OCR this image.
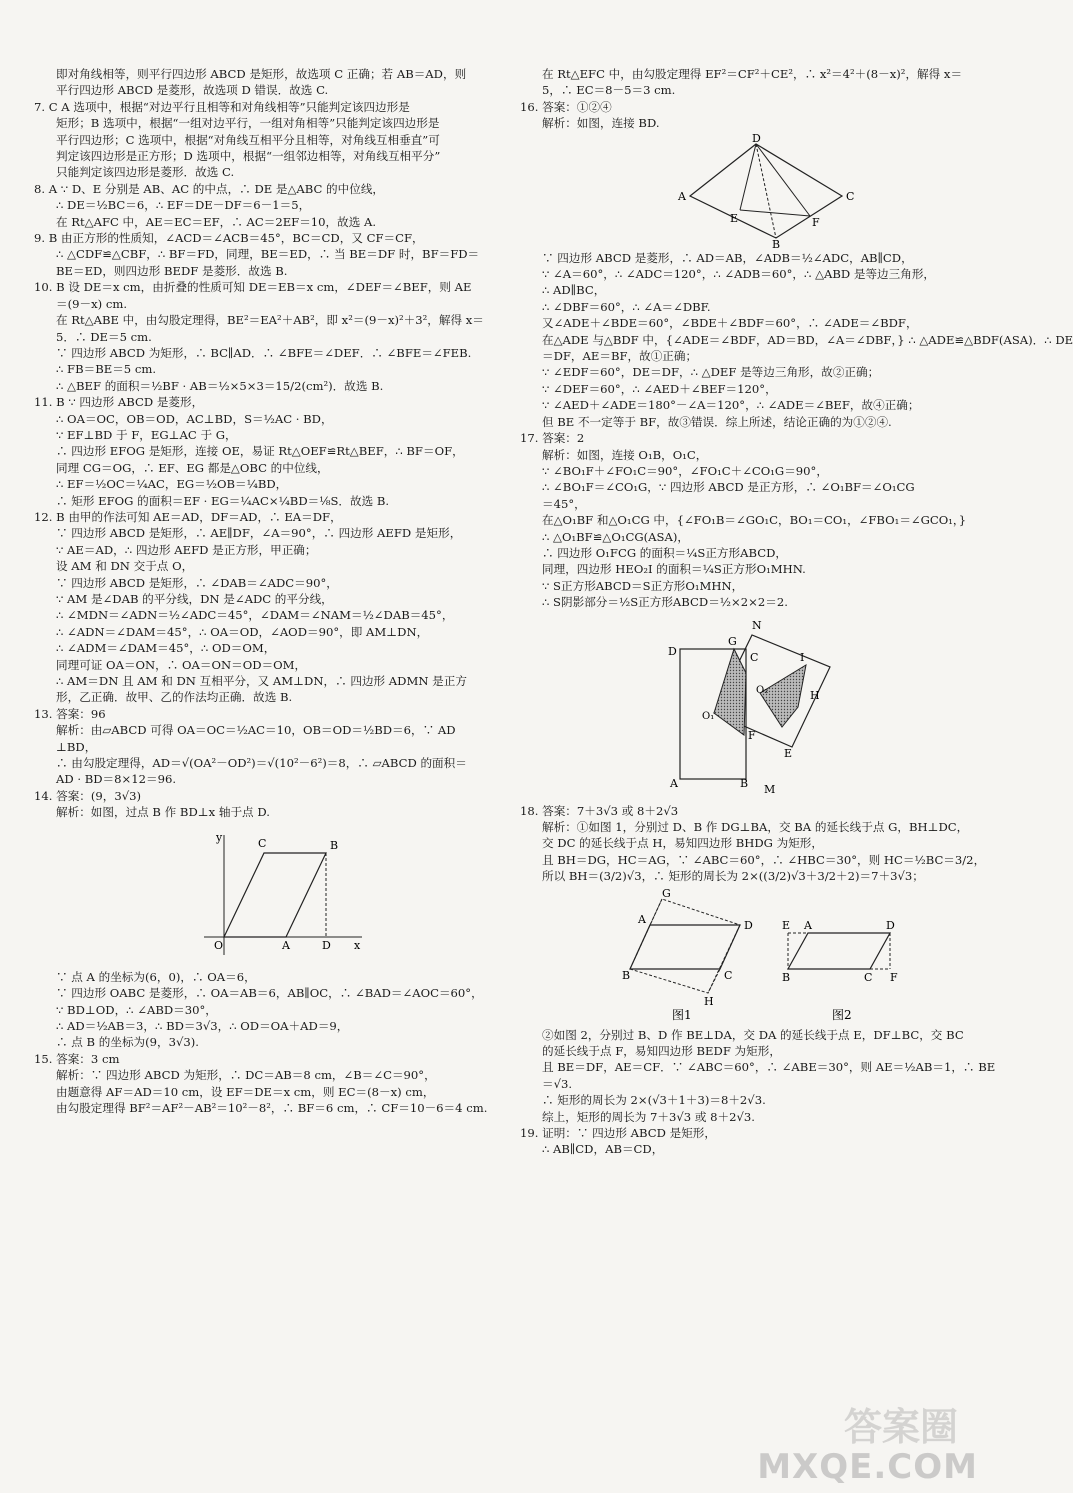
即对角线相等，则平行四边形 ABCD 是矩形，故选项 C 正确；若 AB＝AD，则
平行四边形 ABCD 是菱形，故选项 D 错误．故选 C.
7. C A 选项中，根据“对边平行且相等和对角线相等”只能判定该四边形是
矩形；B 选项中，根据“一组对边平行，一组对角相等”只能判定该四边形是
平行四边形；C 选项中，根据“对角线互相平分且相等，对角线互相垂直”可
判定该四边形是正方形；D 选项中，根据“一组邻边相等，对角线互相平分”
只能判定该四边形是菱形．故选 C.
8. A ∵ D、E 分别是 AB、AC 的中点，∴ DE 是△ABC 的中位线，
∴ DE＝½BC＝6，∴ EF＝DE－DF＝6－1＝5，
在 Rt△AFC 中，AE＝EC＝EF，∴ AC＝2EF＝10，故选 A.
9. B 由正方形的性质知，∠ACD＝∠ACB＝45°，BC＝CD，又 CF＝CF，
∴ △CDF≌△CBF，∴ BF＝FD，同理，BE＝ED，∴ 当 BE＝DF 时，BF＝FD＝
BE＝ED，则四边形 BEDF 是菱形．故选 B.
10. B 设 DE＝x cm，由折叠的性质可知 DE＝EB＝x cm，∠DEF＝∠BEF，则 AE
＝(9－x) cm.
在 Rt△ABE 中，由勾股定理得，BE²＝EA²＋AB²，即 x²＝(9－x)²＋3²，解得 x＝
5．∴ DE＝5 cm.
∵ 四边形 ABCD 为矩形，∴ BC∥AD．∴ ∠BFE＝∠DEF．∴ ∠BFE＝∠FEB.
∴ FB＝BE＝5 cm.
∴ △BEF 的面积＝½BF · AB＝½×5×3＝15/2(cm²)．故选 B.
11. B ∵ 四边形 ABCD 是菱形，
∴ OA＝OC，OB＝OD，AC⊥BD，S＝½AC · BD，
∵ EF⊥BD 于 F，EG⊥AC 于 G，
∴ 四边形 EFOG 是矩形，连接 OE，易证 Rt△OEF≌Rt△BEF，∴ BF＝OF，
同理 CG＝OG，∴ EF、EG 都是△OBC 的中位线，
∴ EF＝½OC＝¼AC，EG＝½OB＝¼BD，
∴ 矩形 EFOG 的面积＝EF · EG＝¼AC×¼BD＝⅛S．故选 B.
12. B 由甲的作法可知 AE＝AD，DF＝AD，∴ EA＝DF，
∵ 四边形 ABCD 是矩形，∴ AE∥DF，∠A＝90°，∴ 四边形 AEFD 是矩形，
∵ AE＝AD，∴ 四边形 AEFD 是正方形，甲正确；
设 AM 和 DN 交于点 O，
∵ 四边形 ABCD 是矩形，∴ ∠DAB＝∠ADC＝90°，
∵ AM 是∠DAB 的平分线，DN 是∠ADC 的平分线，
∴ ∠MDN＝∠ADN＝½∠ADC＝45°，∠DAM＝∠NAM＝½∠DAB＝45°，
∴ ∠ADN＝∠DAM＝45°，∴ OA＝OD，∠AOD＝90°，即 AM⊥DN，
∴ ∠ADM＝∠DAM＝45°，∴ OD＝OM，
同理可证 OA＝ON，∴ OA＝ON＝OD＝OM，
∴ AM＝DN 且 AM 和 DN 互相平分，又 AM⊥DN，∴ 四边形 ADMN 是正方
形，乙正确．故甲、乙的作法均正确．故选 B.
13. 答案：96
解析：由▱ABCD 可得 OA＝OC＝½AC＝10，OB＝OD＝½BD＝6，∵ AD
⊥BD，
∴ 由勾股定理得，AD＝√(OA²－OD²)＝√(10²－6²)＝8，∴ ▱ABCD 的面积＝
AD · BD＝8×12＝96.
14. 答案：(9，3√3)
解析：如图，过点 B 作 BD⊥x 轴于点 D.
y	C	B
O	A	D x
∵ 点 A 的坐标为(6，0)，∴ OA＝6，
∵ 四边形 OABC 是菱形，∴ OA＝AB＝6，AB∥OC，∴ ∠BAD＝∠AOC＝60°，
∵ BD⊥OD，∴ ∠ABD＝30°，
∴ AD＝½AB＝3，∴ BD＝3√3，∴ OD＝OA＋AD＝9，
∴ 点 B 的坐标为(9，3√3).
15. 答案：3 cm
解析：∵ 四边形 ABCD 为矩形，∴ DC＝AB＝8 cm，∠B＝∠C＝90°，
由题意得 AF＝AD＝10 cm，设 EF＝DE＝x cm，则 EC＝(8－x) cm，
由勾股定理得 BF²＝AF²－AB²＝10²－8²，∴ BF＝6 cm，∴ CF＝10－6＝4 cm.
在 Rt△EFC 中，由勾股定理得 EF²＝CF²＋CE²，∴ x²＝4²＋(8－x)²，解得 x＝
5，∴ EC＝8－5＝3 cm.
16. 答案：①②④
解析：如图，连接 BD.
D
A	C
E	F
B
∵ 四边形 ABCD 是菱形，∴ AD＝AB，∠ADB＝½∠ADC，AB∥CD，
∵ ∠A＝60°，∴ ∠ADC＝120°，∴ ∠ADB＝60°，∴ △ABD 是等边三角形，
∴ AD∥BC，
∴ ∠DBF＝60°，∴ ∠A＝∠DBF.
又∠ADE＋∠BDE＝60°，∠BDE＋∠BDF＝60°，∴ ∠ADE＝∠BDF，
在△ADE 与△BDF 中，{∠ADE＝∠BDF，AD＝BD，∠A＝∠DBF，} ∴ △ADE≌△BDF(ASA)．∴ DE
＝DF，AE＝BF，故①正确；
∵ ∠EDF＝60°，DE＝DF，∴ △DEF 是等边三角形，故②正确；
∵ ∠DEF＝60°，∴ ∠AED＋∠BEF＝120°，
∵ ∠AED＋∠ADE＝180°－∠A＝120°，∴ ∠ADE＝∠BEF，故④正确；
但 BE 不一定等于 BF，故③错误．综上所述，结论正确的为①②④.
17. 答案：2
解析：如图，连接 O₁B，O₁C，
∵ ∠BO₁F＋∠FO₁C＝90°，∠FO₁C＋∠CO₁G＝90°，
∴ ∠BO₁F＝∠CO₁G，∵ 四边形 ABCD 是正方形，∴ ∠O₁BF＝∠O₁CG
＝45°，
在△O₁BF 和△O₁CG 中，{∠FO₁B＝∠GO₁C，BO₁＝CO₁，∠FBO₁＝∠GCO₁，}
∴ △O₁BF≌△O₁CG(ASA)，
∴ 四边形 O₁FCG 的面积＝¼S正方形ABCD，
同理，四边形 HEO₂I 的面积＝¼S正方形O₁MHN.
∵ S正方形ABCD＝S正方形O₁MHN，
∴ S阴影部分＝½S正方形ABCD＝½×2×2＝2.
N
D
G
C
O₂
I
H
O₁
F
E
A	B M
18. 答案：7＋3√3 或 8＋2√3
解析：①如图 1，分别过 D、B 作 DG⊥BA，交 BA 的延长线于点 G，BH⊥DC，
交 DC 的延长线于点 H，易知四边形 BHDG 为矩形，
且 BH＝DG，HC＝AG，∵ ∠ABC＝60°，∴ ∠HBC＝30°，则 HC＝½BC＝3/2，
所以 BH＝(3/2)√3，∴ 矩形的周长为 2×((3/2)√3＋3/2＋2)＝7＋3√3；
G
A	D
B	C
H
E A	D
B	C F
图1	图2
②如图 2，分别过 B、D 作 BE⊥DA，交 DA 的延长线于点 E，DF⊥BC，交 BC
的延长线于点 F，易知四边形 BEDF 为矩形，
且 BE＝DF，AE＝CF．∵ ∠ABC＝60°，∴ ∠ABE＝30°，则 AE＝½AB＝1，∴ BE
＝√3.
∴ 矩形的周长为 2×(√3＋1＋3)＝8＋2√3.
综上，矩形的周长为 7＋3√3 或 8＋2√3.
19. 证明：∵ 四边形 ABCD 是矩形，
∴ AB∥CD，AB＝CD，
答案圈
MXQE.COM
